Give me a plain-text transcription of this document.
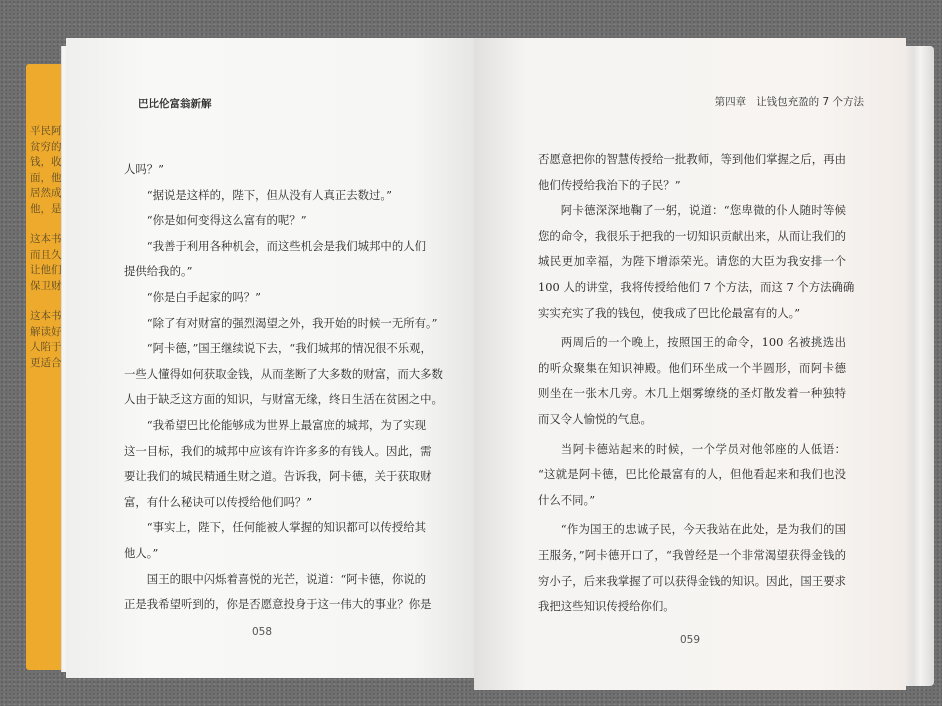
平民阿
贫穷的
钱，收
面，他
居然成
他，是
这本书
而且久
让他们
保卫财
这本书
解读好
人陷于
更适合
巴比伦富翁新解
人吗？”
“据说是这样的，陛下，但从没有人真正去数过。”
“你是如何变得这么富有的呢？”
“我善于利用各种机会，而这些机会是我们城邦中的人们
提供给我的。”
“你是白手起家的吗？”
“除了有对财富的强烈渴望之外，我开始的时候一无所有。”
“阿卡德，”国王继续说下去，“我们城邦的情况很不乐观，
一些人懂得如何获取金钱，从而垄断了大多数的财富，而大多数
人由于缺乏这方面的知识，与财富无缘，终日生活在贫困之中。
“我希望巴比伦能够成为世界上最富庶的城邦，为了实现
这一目标，我们的城邦中应该有许许多多的有钱人。因此，需
要让我们的城民精通生财之道。告诉我，阿卡德，关于获取财
富，有什么秘诀可以传授给他们吗？”
“事实上，陛下，任何能被人掌握的知识都可以传授给其
他人。”
国王的眼中闪烁着喜悦的光芒，说道：“阿卡德，你说的
正是我希望听到的，你是否愿意投身于这一伟大的事业？你是
058
第四章 让钱包充盈的 7 个方法
否愿意把你的智慧传授给一批教师，等到他们掌握之后，再由
他们传授给我治下的子民？”
阿卡德深深地鞠了一躬，说道：“您卑微的仆人随时等候
您的命令，我很乐于把我的一切知识贡献出来，从而让我们的
城民更加幸福，为陛下增添荣光。请您的大臣为我安排一个
100 人的讲堂，我将传授给他们 7 个方法，而这 7 个方法确确
实实充实了我的钱包，使我成了巴比伦最富有的人。”
两周后的一个晚上，按照国王的命令，100 名被挑选出
的听众聚集在知识神殿。他们环坐成一个半圆形，而阿卡德
则坐在一张木几旁。木几上烟雾缭绕的圣灯散发着一种独特
而又令人愉悦的气息。
当阿卡德站起来的时候，一个学员对他邻座的人低语：
“这就是阿卡德，巴比伦最富有的人，但他看起来和我们也没
什么不同。”
“作为国王的忠诚子民，今天我站在此处，是为我们的国
王服务，”阿卡德开口了，“我曾经是一个非常渴望获得金钱的
穷小子，后来我掌握了可以获得金钱的知识。因此，国王要求
我把这些知识传授给你们。
059
